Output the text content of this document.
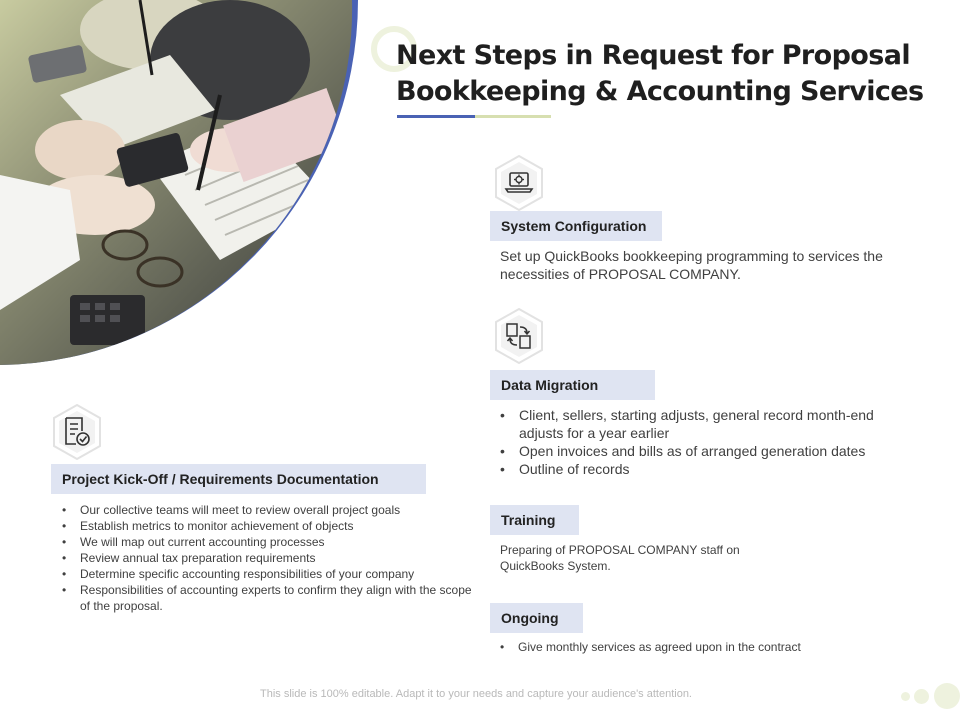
Next Steps in Request for Proposal Bookkeeping & Accounting Services
System Configuration

Set up QuickBooks bookkeeping programming to services the necessities of PROPOSAL COMPANY.

Data Migration
• Client, sellers, starting adjusts, general record month-end adjusts for a year earlier
• Open invoices and bills as of arranged generation dates
• Outline of records
Training

Preparing of PROPOSAL COMPANY staff on QuickBooks System.

Ongoing
• Give monthly services as agreed upon in the contract
Project Kick-Off / Requirements Documentation
• Our collective teams will meet to review overall project goals
• Establish metrics to monitor achievement of objects
• We will map out current accounting processes
• Review annual tax preparation requirements
• Determine specific accounting responsibilities of your company
• Responsibilities of accounting experts to confirm they align with the scope of the proposal.
This slide is 100% editable. Adapt it to your needs and capture your audience's attention.
